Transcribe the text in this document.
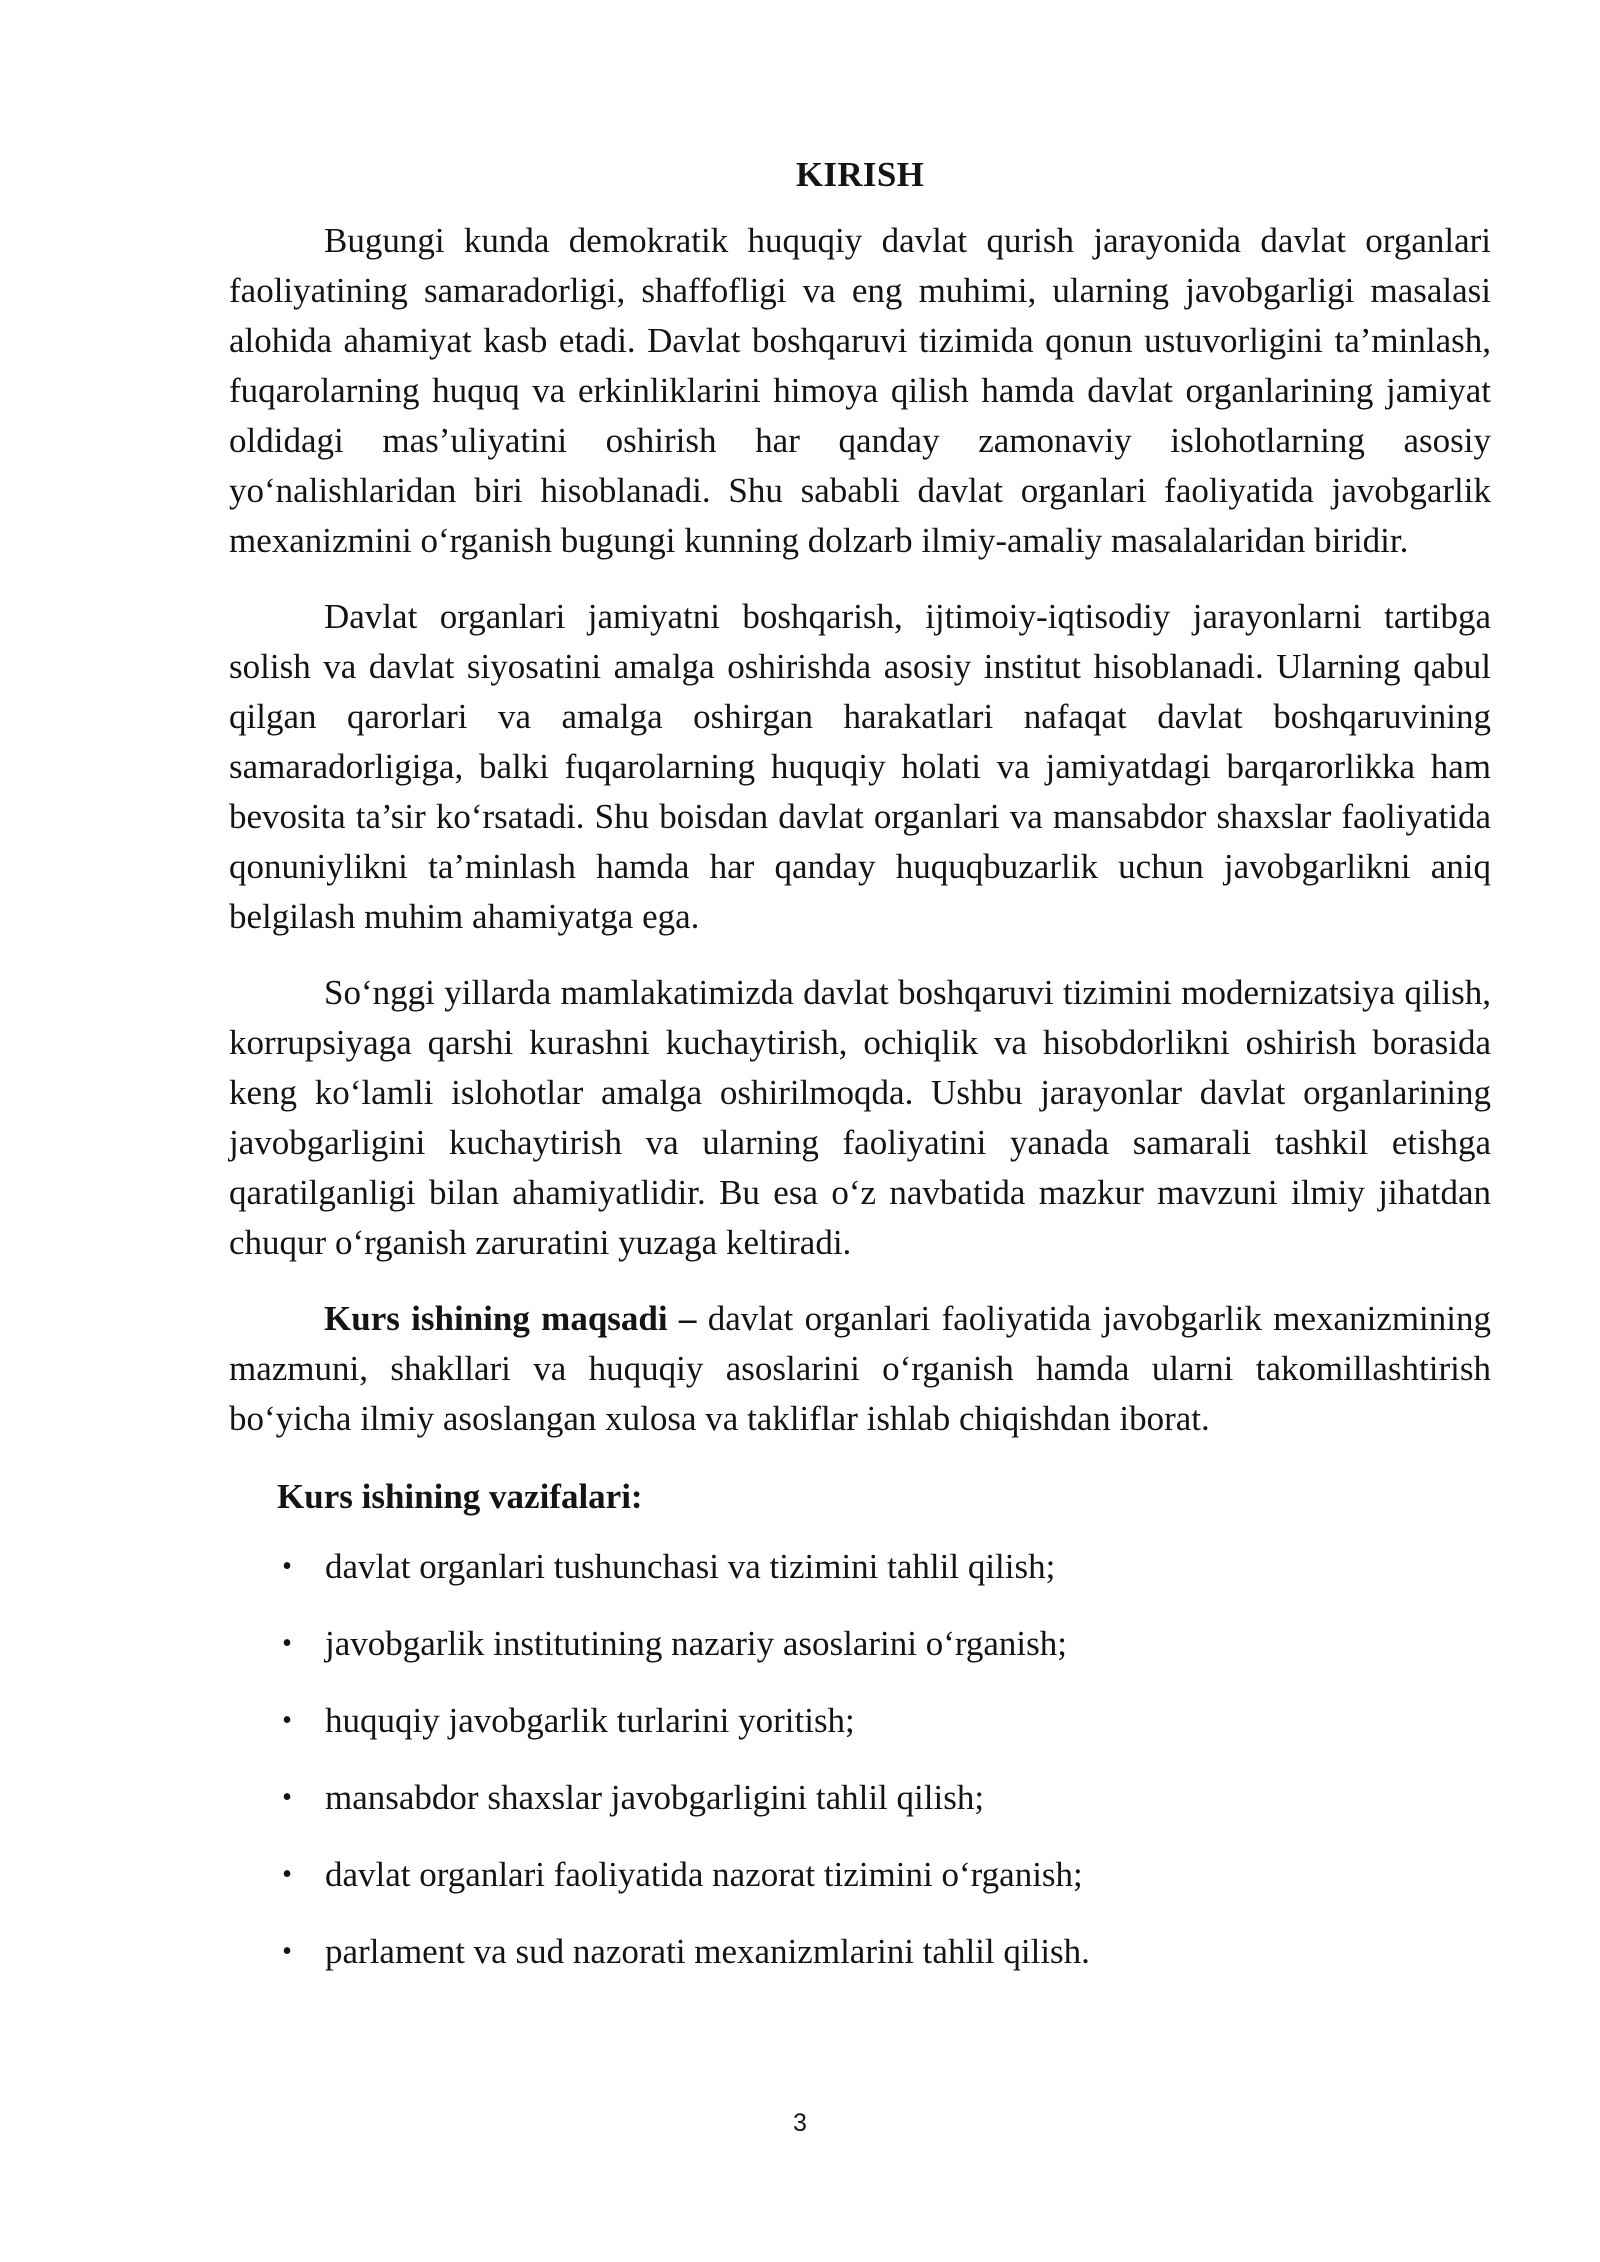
KIRISH

Bugungi kunda demokratik huquqiy davlat qurish jarayonida davlat organlari faoliyatining samaradorligi, shaffofligi va eng muhimi, ularning javobgarligi masalasi alohida ahamiyat kasb etadi. Davlat boshqaruvi tizimida qonun ustuvorligini ta’minlash, fuqarolarning huquq va erkinliklarini himoya qilish hamda davlat organlarining jamiyat oldidagi mas’uliyatini oshirish har qanday zamonaviy islohotlarning asosiy yo‘nalishlaridan biri hisoblanadi. Shu sababli davlat organlari faoliyatida javobgarlik mexanizmini o‘rganish bugungi kunning dolzarb ilmiy-amaliy masalalaridan biridir.

Davlat organlari jamiyatni boshqarish, ijtimoiy-iqtisodiy jarayonlarni tartibga solish va davlat siyosatini amalga oshirishda asosiy institut hisoblanadi. Ularning qabul qilgan qarorlari va amalga oshirgan harakatlari nafaqat davlat boshqaruvining samaradorligiga, balki fuqarolarning huquqiy holati va jamiyatdagi barqarorlikka ham bevosita ta’sir ko‘rsatadi. Shu boisdan davlat organlari va mansabdor shaxslar faoliyatida qonuniylikni ta’minlash hamda har qanday huquqbuzarlik uchun javobgarlikni aniq belgilash muhim ahamiyatga ega.

So‘nggi yillarda mamlakatimizda davlat boshqaruvi tizimini modernizatsiya qilish, korrupsiyaga qarshi kurashni kuchaytirish, ochiqlik va hisobdorlikni oshirish borasida keng ko‘lamli islohotlar amalga oshirilmoqda. Ushbu jarayonlar davlat organlarining javobgarligini kuchaytirish va ularning faoliyatini yanada samarali tashkil etishga qaratilganligi bilan ahamiyatlidir. Bu esa o‘z navbatida mazkur mavzuni ilmiy jihatdan chuqur o‘rganish zaruratini yuzaga keltiradi.

Kurs ishining maqsadi – davlat organlari faoliyatida javobgarlik mexanizmining mazmuni, shakllari va huquqiy asoslarini o‘rganish hamda ularni takomillashtirish bo‘yicha ilmiy asoslangan xulosa va takliflar ishlab chiqishdan iborat.

Kurs ishining vazifalari:
• davlat organlari tushunchasi va tizimini tahlil qilish;
• javobgarlik institutining nazariy asoslarini o‘rganish;
• huquqiy javobgarlik turlarini yoritish;
• mansabdor shaxslar javobgarligini tahlil qilish;
• davlat organlari faoliyatida nazorat tizimini o‘rganish;
• parlament va sud nazorati mexanizmlarini tahlil qilish.
3
